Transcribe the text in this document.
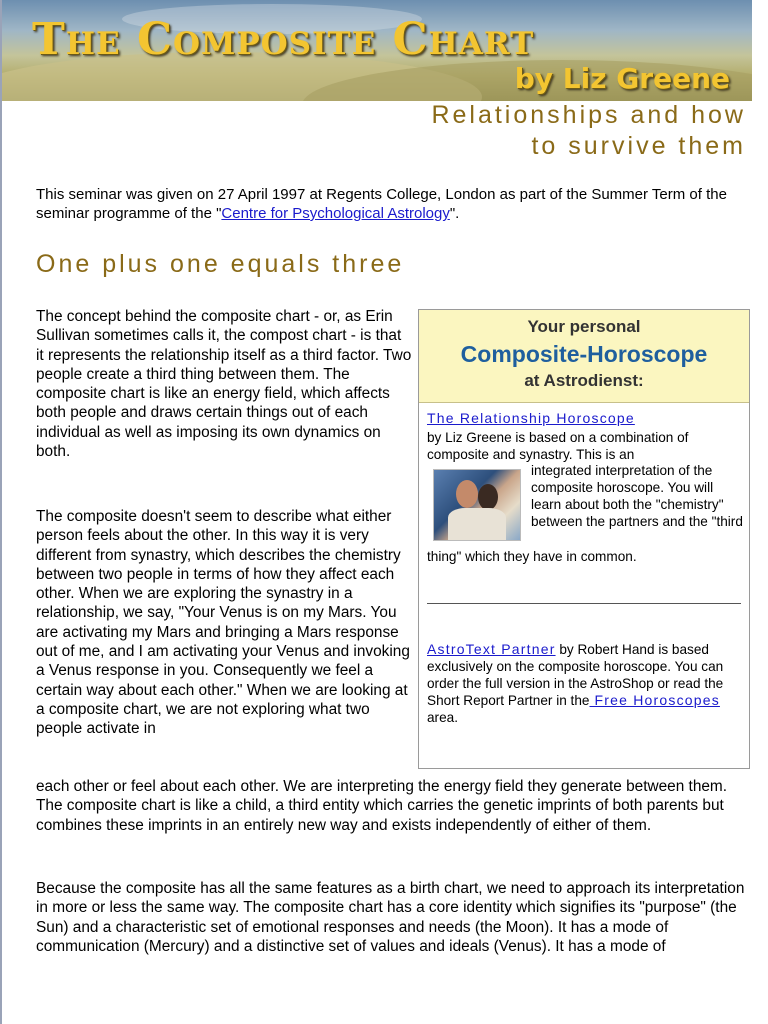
The Composite Chart
by Liz Greene
Relationships and how
to survive them
This seminar was given on 27 April 1997 at Regents College, London as part of the Summer Term of the seminar programme of the "Centre for Psychological Astrology".
One plus one equals three

The concept behind the composite chart - or, as Erin Sullivan sometimes calls it, the compost chart - is that it represents the relationship itself as a third factor. Two people create a third thing between them. The composite chart is like an energy field, which affects both people and draws certain things out of each individual as well as imposing its own dynamics on both.

The composite doesn't seem to describe what either person feels about the other. In this way it is very different from synastry, which describes the chemistry between two people in terms of how they affect each other. When we are exploring the synastry in a relationship, we say, "Your Venus is on my Mars. You are activating my Mars and bringing a Mars response out of me, and I am activating your Venus and invoking a Venus response in you. Consequently we feel a certain way about each other." When we are looking at a composite chart, we are not exploring what two people activate in

each other or feel about each other. We are interpreting the energy field they generate between them. The composite chart is like a child, a third entity which carries the genetic imprints of both parents but combines these imprints in an entirely new way and exists independently of either of them.

Because the composite has all the same features as a birth chart, we need to approach its interpretation in more or less the same way. The composite chart has a core identity which signifies its "purpose" (the Sun) and a characteristic set of emotional responses and needs (the Moon). It has a mode of communication (Mercury) and a distinctive set of values and ideals (Venus). It has a mode of

Your personal
Composite-Horoscope
at Astrodienst:
The Relationship Horoscope
by Liz Greene is based on a combination of composite and synastry. This is an
integrated interpretation of the composite horoscope. You will learn about both the "chemistry" between the partners and the "third
thing" which they have in common.
AstroText Partner by Robert Hand is based exclusively on the composite horoscope. You can order the full version in the AstroShop or read the Short Report Partner in the Free Horoscopes area.
